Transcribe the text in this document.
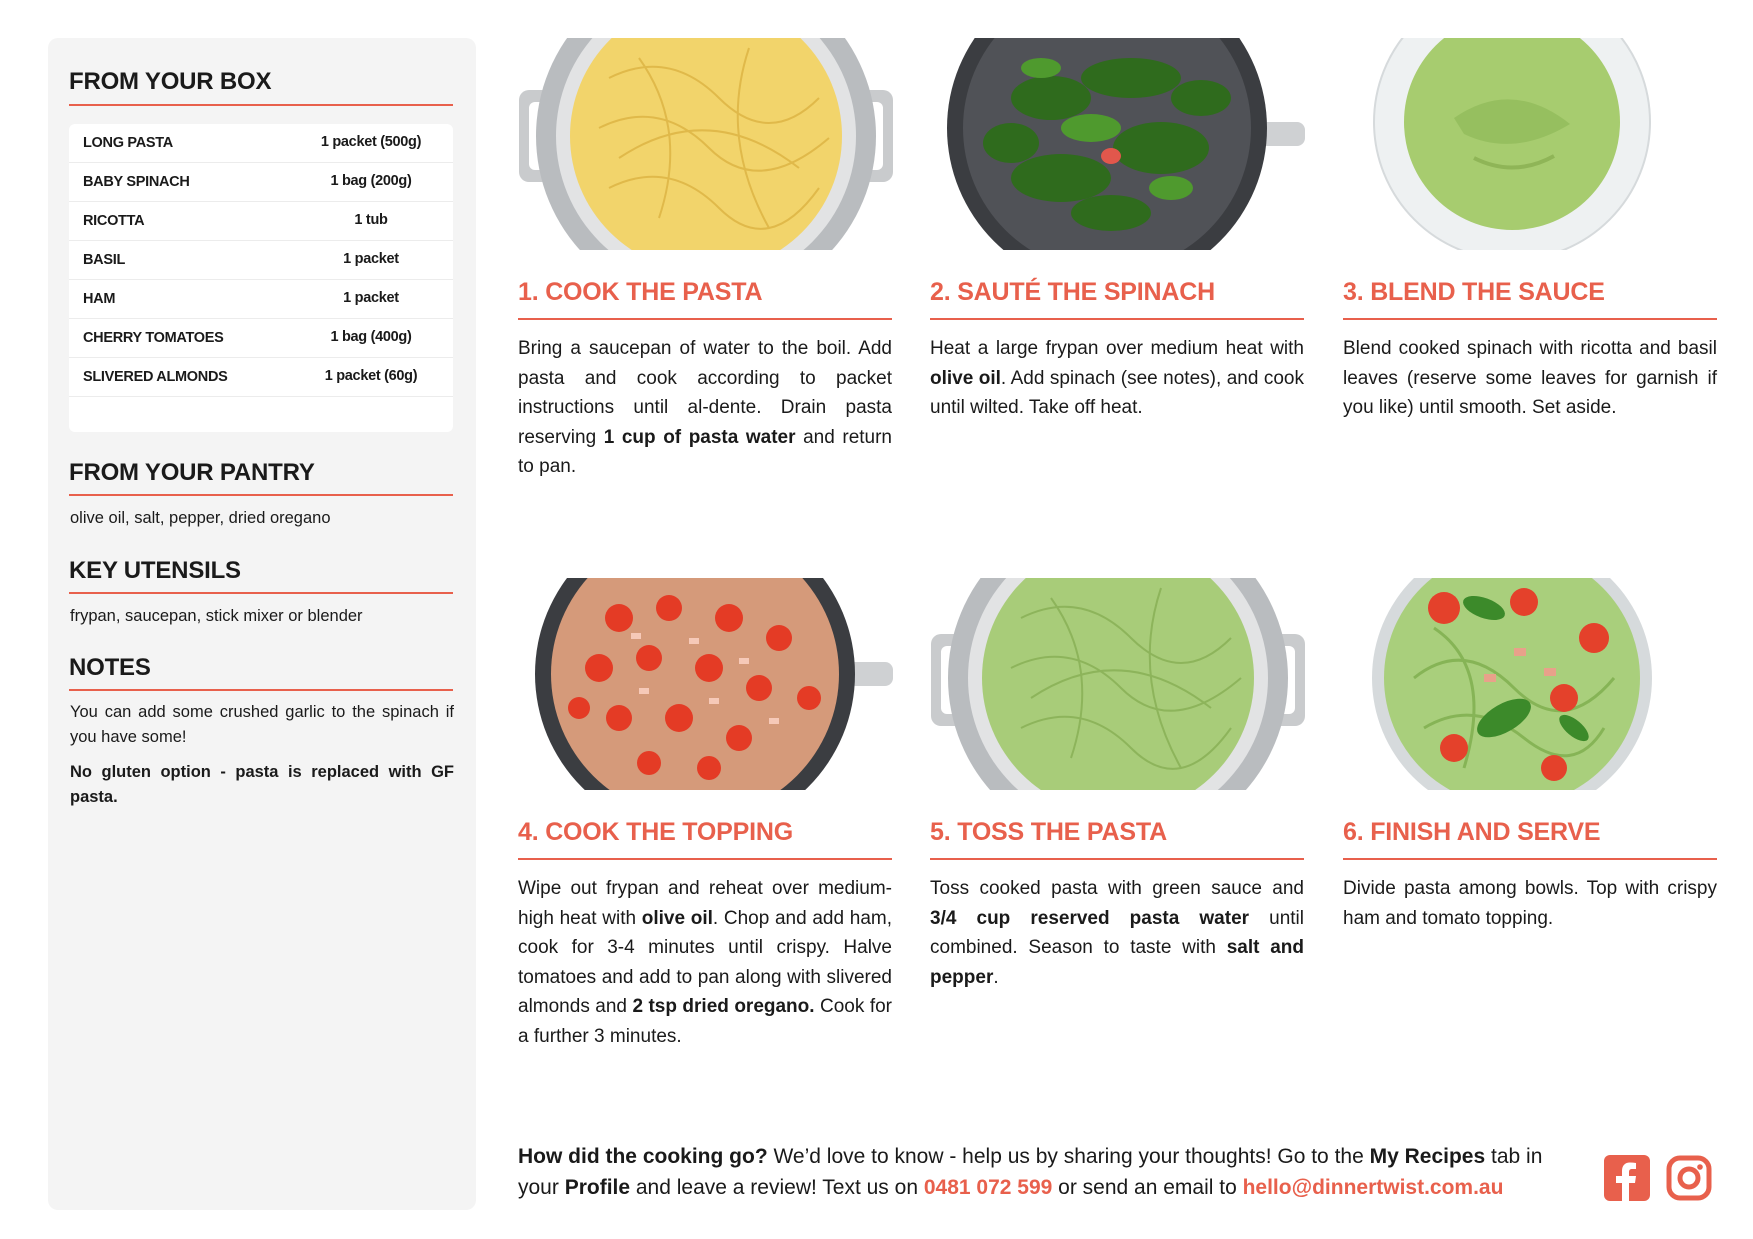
FROM YOUR BOX
LONG PASTA	1 packet (500g)
BABY SPINACH	1 bag (200g)
RICOTTA	1 tub
BASIL	1 packet
HAM	1 packet
CHERRY TOMATOES	1 bag (400g)
SLIVERED ALMONDS	1 packet (60g)
FROM YOUR PANTRY
olive oil, salt, pepper, dried oregano
KEY UTENSILS
frypan, saucepan, stick mixer or blender
NOTES
You can add some crushed garlic to the spinach if you have some!
No gluten option - pasta is replaced with GF pasta.
1. COOK THE PASTA
Bring a saucepan of water to the boil. Add pasta and cook according to packet instructions until al-dente. Drain pasta reserving 1 cup of pasta water and return to pan.
2. SAUTÉ THE SPINACH
Heat a large frypan over medium heat with olive oil. Add spinach (see notes), and cook until wilted. Take off heat.
3. BLEND THE SAUCE
Blend cooked spinach with ricotta and basil leaves (reserve some leaves for garnish if you like) until smooth. Set aside.
4. COOK THE TOPPING
Wipe out frypan and reheat over medium-high heat with olive oil. Chop and add ham, cook for 3-4 minutes until crispy. Halve tomatoes and add to pan along with slivered almonds and 2 tsp dried oregano. Cook for a further 3 minutes.
5. TOSS THE PASTA
Toss cooked pasta with green sauce and 3/4 cup reserved pasta water until combined. Season to taste with salt and pepper.
6. FINISH AND SERVE
Divide pasta among bowls. Top with crispy ham and tomato topping.
How did the cooking go? We’d love to know - help us by sharing your thoughts! Go to the My Recipes tab in your Profile and leave a review! Text us on 0481 072 599 or send an email to hello@dinnertwist.com.au
